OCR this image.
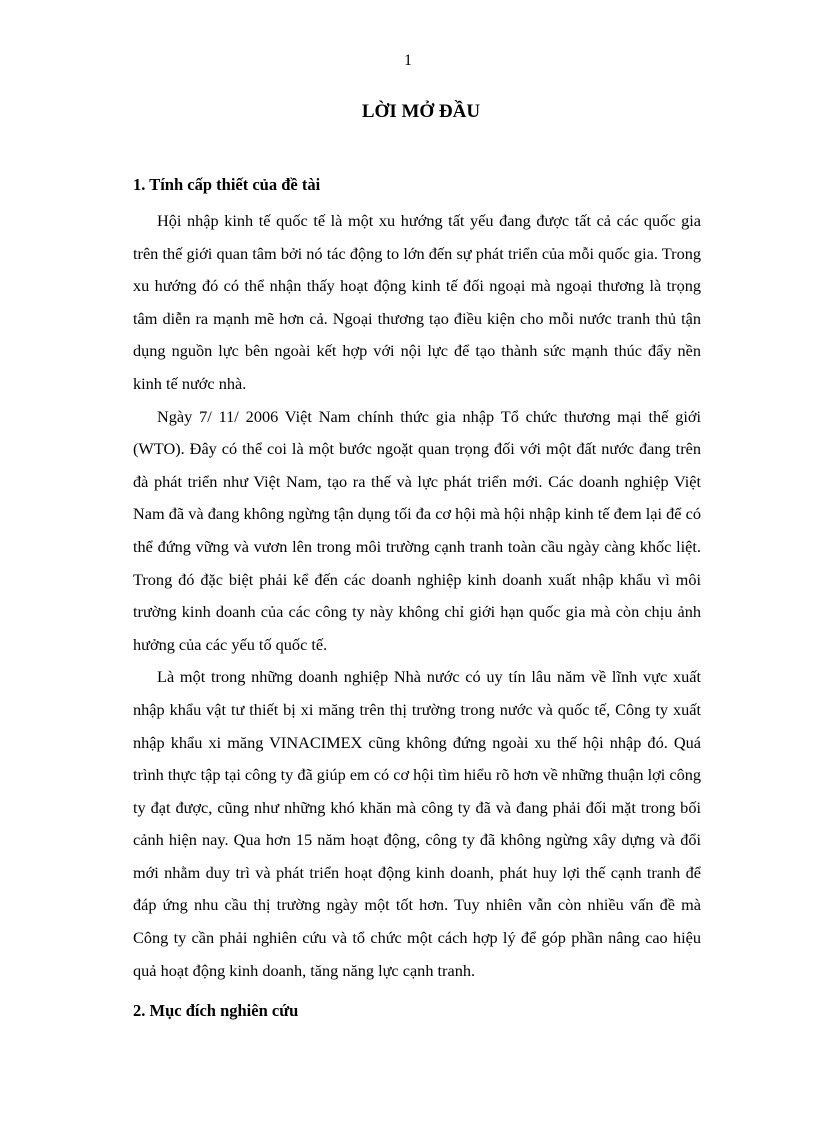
1
LỜI MỞ ĐẦU
1. Tính cấp thiết của đề tài

Hội nhập kinh tế quốc tế là một xu hướng tất yếu đang được tất cả các quốc gia trên thế giới quan tâm bởi nó tác động to lớn đến sự phát triển của mỗi quốc gia. Trong xu hướng đó có thể nhận thấy hoạt động kinh tế đối ngoại mà ngoại thương là trọng tâm diễn ra mạnh mẽ hơn cả. Ngoại thương tạo điều kiện cho mỗi nước tranh thủ tận dụng nguồn lực bên ngoài kết hợp với nội lực để tạo thành sức mạnh thúc đẩy nền kinh tế nước nhà.

Ngày 7/ 11/ 2006 Việt Nam chính thức gia nhập Tổ chức thương mại thế giới (WTO). Đây có thể coi là một bước ngoặt quan trọng đối với một đất nước đang trên đà phát triển như Việt Nam, tạo ra thế và lực phát triển mới. Các doanh nghiệp Việt Nam đã và đang không ngừng tận dụng tối đa cơ hội mà hội nhập kinh tế đem lại để có thể đứng vững và vươn lên trong môi trường cạnh tranh toàn cầu ngày càng khốc liệt. Trong đó đặc biệt phải kể đến các doanh nghiệp kinh doanh xuất nhập khẩu vì môi trường kinh doanh của các công ty này không chỉ giới hạn quốc gia mà còn chịu ảnh hưởng của các yếu tố quốc tế.

Là một trong những doanh nghiệp Nhà nước có uy tín lâu năm về lĩnh vực xuất nhập khẩu vật tư thiết bị xi măng trên thị trường trong nước và quốc tế, Công ty xuất nhập khẩu xi măng VINACIMEX cũng không đứng ngoài xu thế hội nhập đó. Quá trình thực tập tại công ty đã giúp em có cơ hội tìm hiểu rõ hơn về những thuận lợi công ty đạt được, cũng như những khó khăn mà công ty đã và đang phải đối mặt trong bối cảnh hiện nay. Qua hơn 15 năm hoạt động, công ty đã không ngừng xây dựng và đổi mới nhằm duy trì và phát triển hoạt động kinh doanh, phát huy lợi thế cạnh tranh để đáp ứng nhu cầu thị trường ngày một tốt hơn. Tuy nhiên vẫn còn nhiều vấn đề mà Công ty cần phải nghiên cứu và tổ chức một cách hợp lý để góp phần nâng cao hiệu quả hoạt động kinh doanh, tăng năng lực cạnh tranh.

2. Mục đích nghiên cứu
